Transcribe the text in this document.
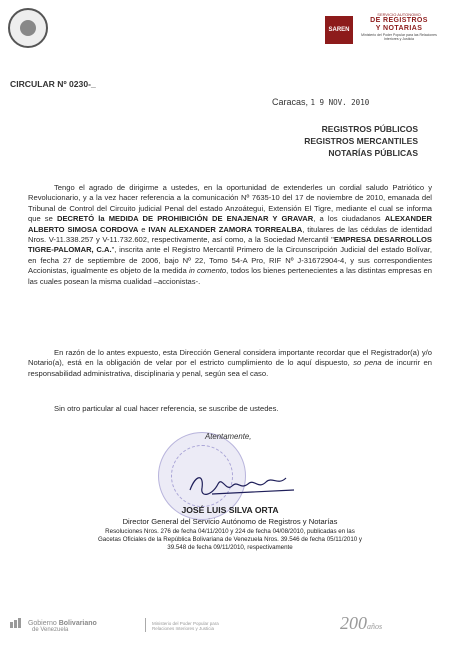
SAREN
SERVICIO AUTONOMO
DE REGISTROS
Y NOTARIAS
Ministerio del Poder Popular para las Relaciones Interiores y Justicia
CIRCULAR Nº 0230-_
Caracas, 1 9 NOV. 2010
REGISTROS PÚBLICOS
REGISTROS MERCANTILES
NOTARÍAS PÚBLICAS
Tengo el agrado de dirigirme a ustedes, en la oportunidad de extenderles un cordial saludo Patriótico y Revolucionario, y a la vez hacer referencia a la comunicación Nº 7635-10 del 17 de noviembre de 2010, emanada del Tribunal de Control del Circuito judicial Penal del estado Anzoátegui, Extensión El Tigre, mediante el cual se informa que se DECRETÓ la MEDIDA DE PROHIBICIÓN DE ENAJENAR Y GRAVAR, a los ciudadanos ALEXANDER ALBERTO SIMOSA CORDOVA e IVAN ALEXANDER ZAMORA TORREALBA, titulares de las cédulas de identidad Nros. V-11.338.257 y V-11.732.602, respectivamente, así como, a la Sociedad Mercantil "EMPRESA DESARROLLOS TIGRE-PALOMAR, C.A.", inscrita ante el Registro Mercantil Primero de la Circunscripción Judicial del estado Bolívar, en fecha 27 de septiembre de 2006, bajo Nº 22, Tomo 54-A Pro, RIF Nº J-31672904-4, y sus correspondientes Accionistas, igualmente es objeto de la medida in comento, todos los bienes pertenecientes a las distintas empresas en las cuales posean la misma cualidad –accionistas-.
En razón de lo antes expuesto, esta Dirección General considera importante recordar que el Registrador(a) y/o Notario(a), está en la obligación de velar por el estricto cumplimiento de lo aquí dispuesto, so pena de incurrir en responsabilidad administrativa, disciplinaria y penal, según sea el caso.
Sin otro particular al cual hacer referencia, se suscribe de ustedes.
Atentamente,
JOSÉ LUIS SILVA ORTA
Director General del Servicio Autónomo de Registros y Notarías
Resoluciones Nros. 276 de fecha 04/11/2010 y 224 de fecha 04/08/2010, publicadas en las
Gacetas Oficiales de la República Bolivariana de Venezuela Nros. 39.546 de fecha 05/11/2010 y
39.548 de fecha 09/11/2010, respectivamente
Gobierno Bolivariano
de Venezuela
Ministerio del Poder Popular para
Relaciones Interiores y Justicia	200años
